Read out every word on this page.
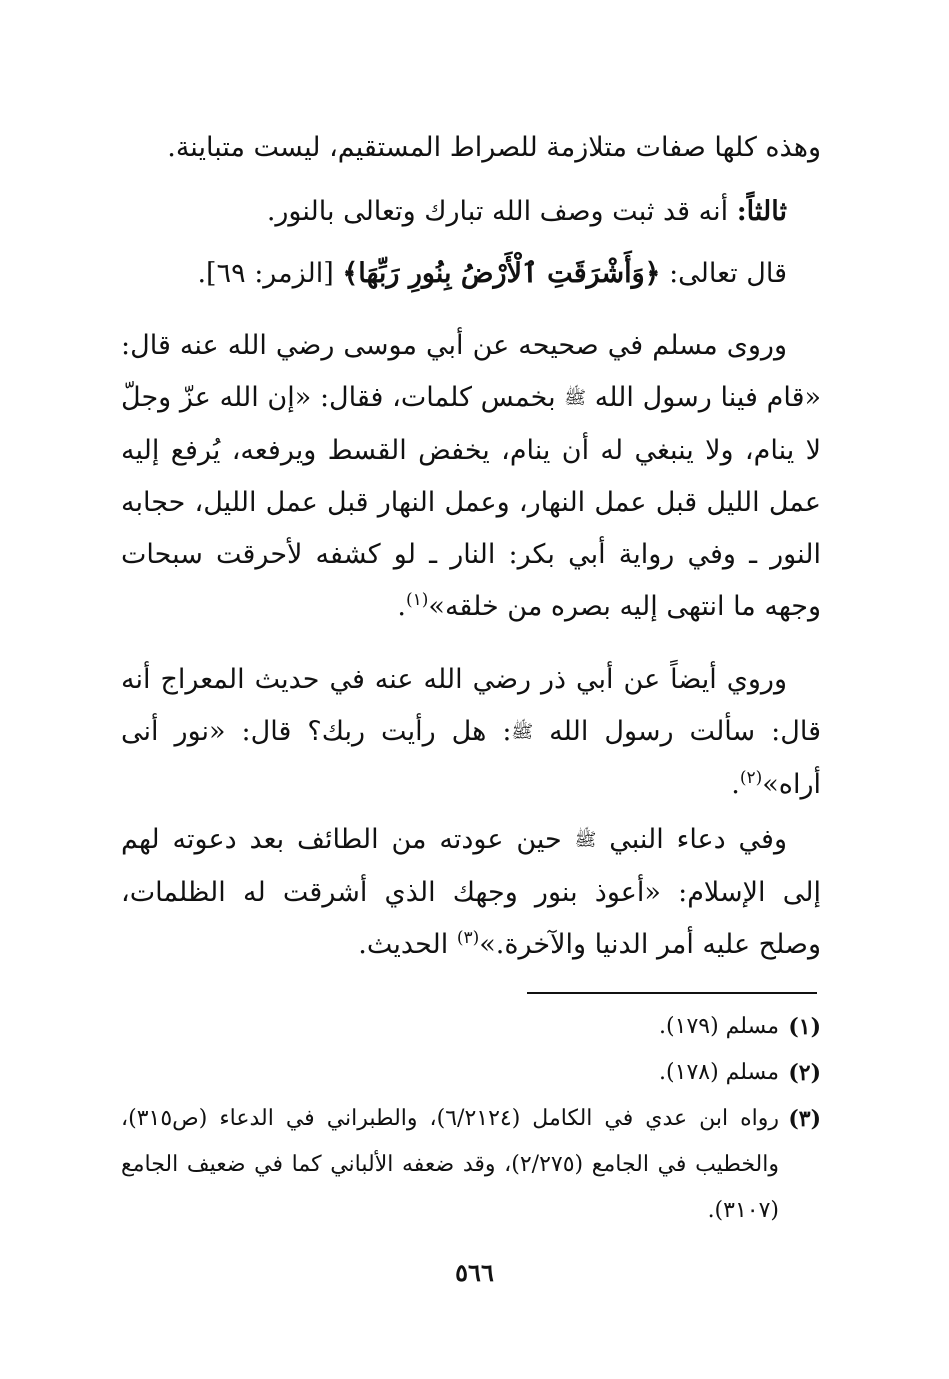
وهذه كلها صفات متلازمة للصراط المستقيم، ليست متباينة.

ثالثاً: أنه قد ثبت وصف الله تبارك وتعالى بالنور.

قال تعالى: ﴿وَأَشْرَقَتِ ٱلْأَرْضُ بِنُورِ رَبِّهَا﴾ [الزمر: ٦٩].

وروى مسلم في صحيحه عن أبي موسى رضي الله عنه قال: «قام فينا رسول الله ﷺ بخمس كلمات، فقال: «إن الله عزّ وجلّ لا ينام، ولا ينبغي له أن ينام، يخفض القسط ويرفعه، يُرفع إليه عمل الليل قبل عمل النهار، وعمل النهار قبل عمل الليل، حجابه النور ـ وفي رواية أبي بكر: النار ـ لو كشفه لأحرقت سبحات وجهه ما انتهى إليه بصره من خلقه»$^{(١)}$.

وروي أيضاً عن أبي ذر رضي الله عنه في حديث المعراج أنه قال: سألت رسول الله ﷺ: هل رأيت ربك؟ قال: «نور أنى أراه»$^{(٢)}$.

وفي دعاء النبي ﷺ حين عودته من الطائف بعد دعوته لهم إلى الإسلام: «أعوذ بنور وجهك الذي أشرقت له الظلمات، وصلح عليه أمر الدنيا والآخرة.»$^{(٣)}$ الحديث.

(١)
مسلم (١٧٩).
(٢)
مسلم (١٧٨).
(٣)
رواه ابن عدي في الكامل (٦/٢١٢٤)، والطبراني في الدعاء (ص٣١٥)، والخطيب في الجامع (٢/٢٧٥)، وقد ضعفه الألباني كما في ضعيف الجامع (٣١٠٧).
٥٦٦
